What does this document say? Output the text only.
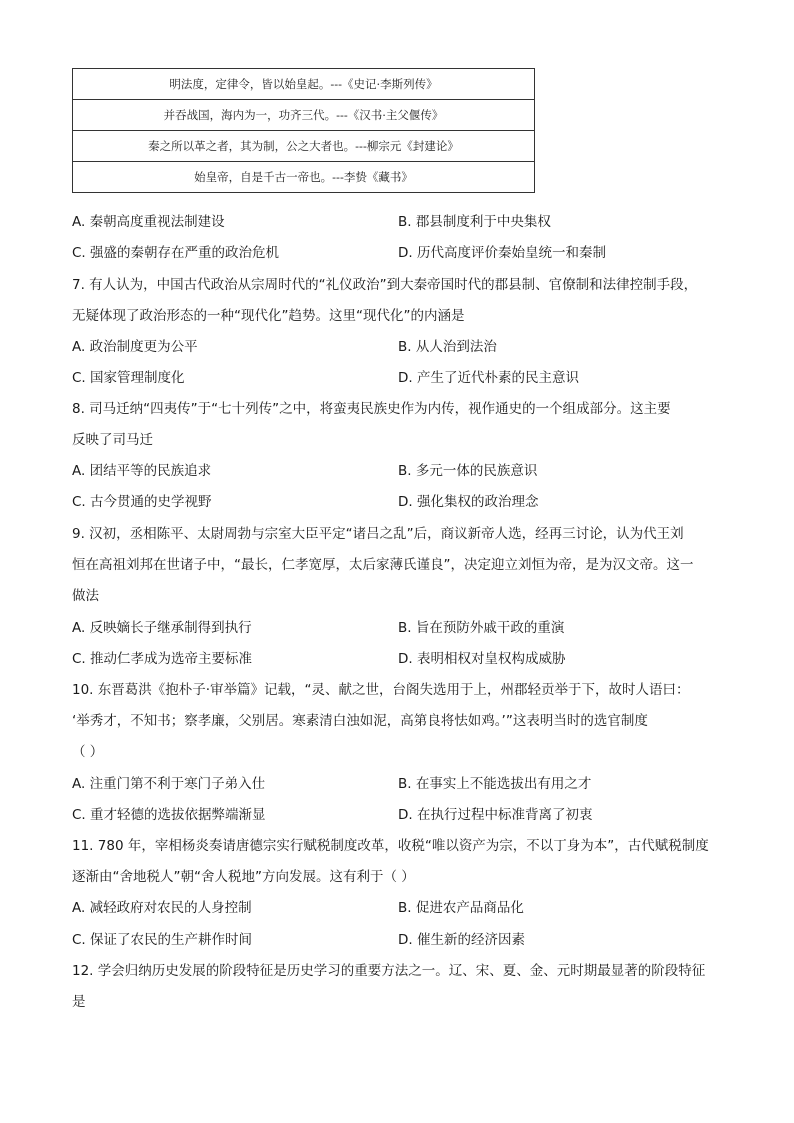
明法度，定律令，皆以始皇起。---《史记·李斯列传》
并吞战国，海内为一，功齐三代。---《汉书·主父偃传》
秦之所以革之者，其为制，公之大者也。---柳宗元《封建论》
始皇帝，自是千古一帝也。---李贽《藏书》
A. 秦朝高度重视法制建设	B. 郡县制度利于中央集权
C. 强盛的秦朝存在严重的政治危机	D. 历代高度评价秦始皇统一和秦制
7. 有人认为，中国古代政治从宗周时代的“礼仪政治”到大秦帝国时代的郡县制、官僚制和法律控制手段，
无疑体现了政治形态的一种“现代化”趋势。这里“现代化”的内涵是
A. 政治制度更为公平	B. 从人治到法治
C. 国家管理制度化	D. 产生了近代朴素的民主意识
8. 司马迁纳“四夷传”于“七十列传”之中，将蛮夷民族史作为内传，视作通史的一个组成部分。这主要
反映了司马迁
A. 团结平等的民族追求	B. 多元一体的民族意识
C. 古今贯通的史学视野	D. 强化集权的政治理念
9. 汉初，丞相陈平、太尉周勃与宗室大臣平定“诸吕之乱”后，商议新帝人选，经再三讨论，认为代王刘
恒在高祖刘邦在世诸子中，“最长，仁孝宽厚，太后家薄氏谨良”，决定迎立刘恒为帝，是为汉文帝。这一
做法
A. 反映嫡长子继承制得到执行	B. 旨在预防外戚干政的重演
C. 推动仁孝成为选帝主要标准	D. 表明相权对皇权构成威胁
10. 东晋葛洪《抱朴子·审举篇》记载，“灵、献之世，台阁失选用于上，州郡轻贡举于下，故时人语曰：
‘举秀才，不知书；察孝廉，父别居。寒素清白浊如泥，高第良将怯如鸡。’”这表明当时的选官制度
（ ）
A. 注重门第不利于寒门子弟入仕	B. 在事实上不能选拔出有用之才
C. 重才轻德的选拔依据弊端渐显	D. 在执行过程中标准背离了初衷
11. 780 年，宰相杨炎奏请唐德宗实行赋税制度改革，收税“唯以资产为宗，不以丁身为本”，古代赋税制度
逐渐由“舍地税人”朝“舍人税地”方向发展。这有利于（ ）
A. 减轻政府对农民的人身控制	B. 促进农产品商品化
C. 保证了农民的生产耕作时间	D. 催生新的经济因素
12. 学会归纳历史发展的阶段特征是历史学习的重要方法之一。辽、宋、夏、金、元时期最显著的阶段特征
是
